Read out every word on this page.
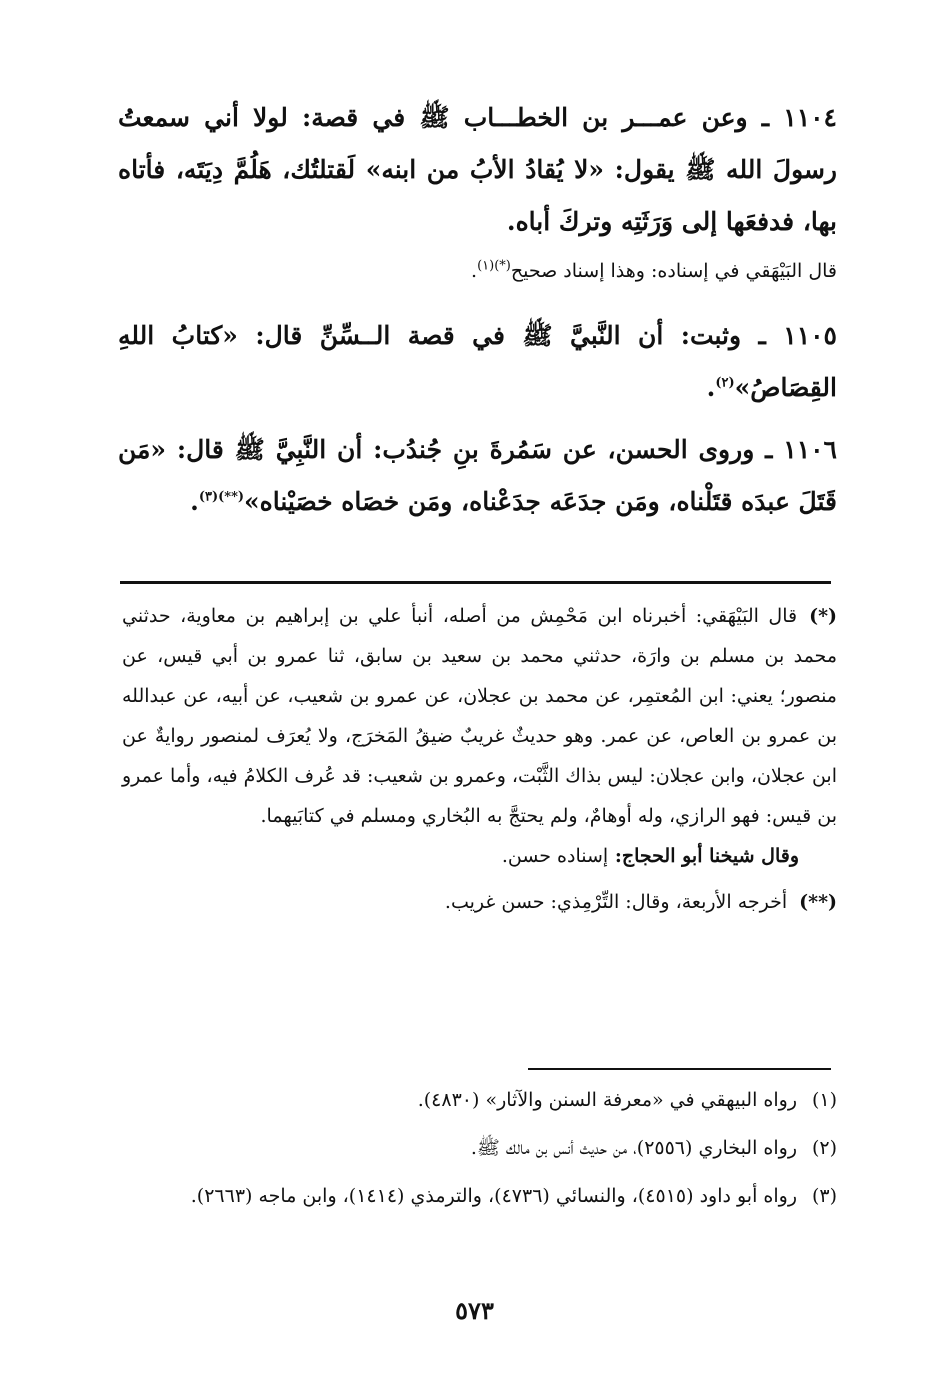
١١٠٤ ـ وعن عمـــر بن الخطـــاب ﷺ في قصة: لولا أني سمعتُ رسولَ الله ﷺ يقول: «لا يُقادُ الأبُ من ابنه» لَقتلتُك، هَلُمَّ دِيَتَه، فأتاه بها، فدفعَها إلى وَرَثَتِه وتركَ أباه.

قال البَيْهَقي في إسناده: وهذا إسناد صحيح$^{(*)(١)}$.

١١٠٥ ـ وثبت: أن النَّبيَّ ﷺ في قصة الــسِّنِّ قال: «كتابُ اللهِ القِصَاصُ»$^{(٢)}$.

١١٠٦ ـ وروى الحسن، عن سَمُرةَ بنِ جُندُب: أن النَّبِيَّ ﷺ قال: «مَن قَتَلَ عبدَه قتَلْناه، ومَن جدَعَه جدَعْناه، ومَن خصَاه خصَيْناه»$^{(**)(٣)}$.

(*)قال البَيْهَقي: أخبرناه ابن مَحْمِش من أصله، أنبأ علي بن إبراهيم بن معاوية، حدثني محمد بن مسلم بن وارَة، حدثني محمد بن سعيد بن سابق، ثنا عمرو بن أبي قيس، عن منصور؛ يعني: ابن المُعتمِر، عن محمد بن عجلان، عن عمرو بن شعيب، عن أبيه، عن عبدالله بن عمرو بن العاص، عن عمر. وهو حديثٌ غريبٌ ضيقُ المَخرَج، ولا يُعرَف لمنصور روايةٌ عن ابن عجلان، وابن عجلان: ليس بذاك الثَّبْت، وعمرو بن شعيب: قد عُرف الكلامُ فيه، وأما عمرو بن قيس: فهو الرازي، وله أوهامٌ، ولم يحتجَّ به البُخاري ومسلم في كتابَيهما.

وقال شيخنا أبو الحجاج: إسناده حسن.

(**)أخرجه الأربعة، وقال: التِّرْمِذي: حسن غريب.

(١)
رواه البيهقي في «معرفة السنن والآثار» (٤٨٣٠).
(٢)
رواه البخاري (٢٥٥٦)، من حديث أنس بن مالك ﷺ.
(٣)
رواه أبو داود (٤٥١٥)، والنسائي (٤٧٣٦)، والترمذي (١٤١٤)، وابن ماجه (٢٦٦٣).
٥٧٣
